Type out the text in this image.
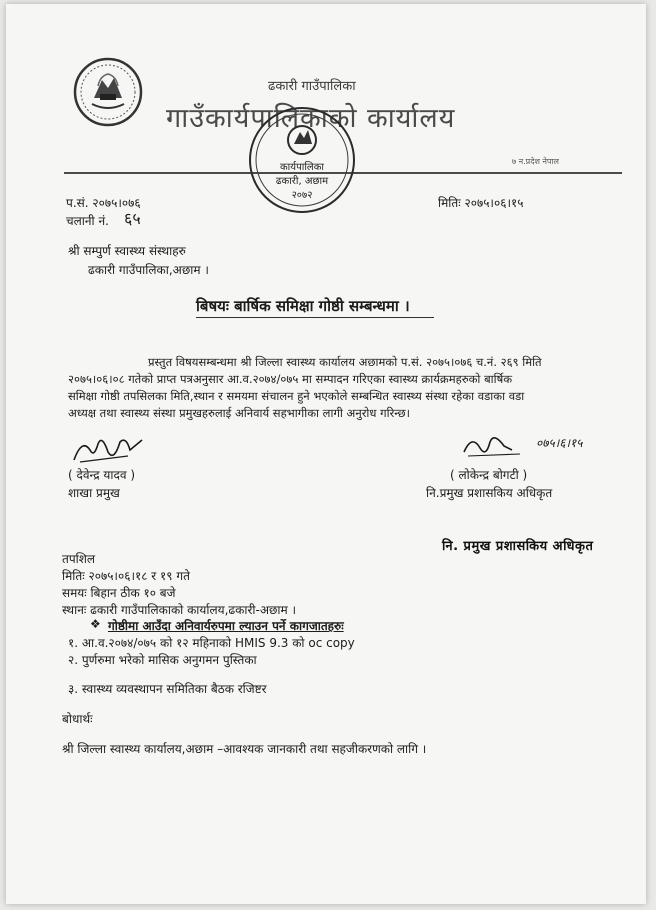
ढकारी गाउँपालिका
गाउँकार्यपालिकाको कार्यालय
७ न.प्रदेश नेपाल
कार्यपालिका
ढकारी, अछाम
२०७२
प.सं. २०७५।०७६
चलानी नं. ६५
मितिः २०७५।०६।१५
श्री सम्पुर्ण स्वास्थ्य संस्थाहरु
ढकारी गाउँपालिका,अछाम ।
बिषयः बार्षिक समिक्षा गोष्ठी सम्बन्धमा ।
प्रस्तुत विषयसम्बन्धमा श्री जिल्ला स्वास्थ्य कार्यालय अछामको प.सं. २०७५।०७६ च.नं. २६९ मिति
२०७५।०६।०८ गतेको प्राप्त पत्रअनुसार आ.व.२०७४/०७५ मा सम्पादन गरिएका स्वास्थ्य क्रार्यक्रमहरुको बार्षिक
समिक्षा गोष्ठी तपसिलका मिति,स्थान र समयमा संचालन हुने भएकोले सम्बन्धित स्वास्थ्य संस्था रहेका वडाका वडा
अध्यक्ष तथा स्वास्थ्य संस्था प्रमुखहरुलाई अनिवार्य सहभागीका लागी अनुरोध गरिन्छ।
( देवेन्द्र यादव )
शाखा प्रमुख
०७५।६।१५
( लोकेन्द्र बोगटी )
नि.प्रमुख प्रशासकिय अधिकृत
नि. प्रमुख प्रशासकिय अधिकृत
तपशिल
मितिः २०७५।०६।१८ र १९ गते
समयः बिहान ठीक १० बजे
स्थानः ढकारी गाउँपालिकाको कार्यालय,ढकारी-अछाम ।
❖ गोष्ठीमा आउँदा अनिवार्यरुपमा ल्याउन पर्ने कागजातहरुः
१. आ.व.२०७४/०७५ को १२ महिनाको HMIS 9.3 को oc copy
२. पुर्णरुमा भरेको मासिक अनुगमन पुस्तिका
३. स्वास्थ्य व्यवस्थापन समितिका बैठक रजिष्टर
बोधार्थः
श्री जिल्ला स्वास्थ्य कार्यालय,अछाम –आवश्यक जानकारी तथा सहजीकरणको लागि ।
